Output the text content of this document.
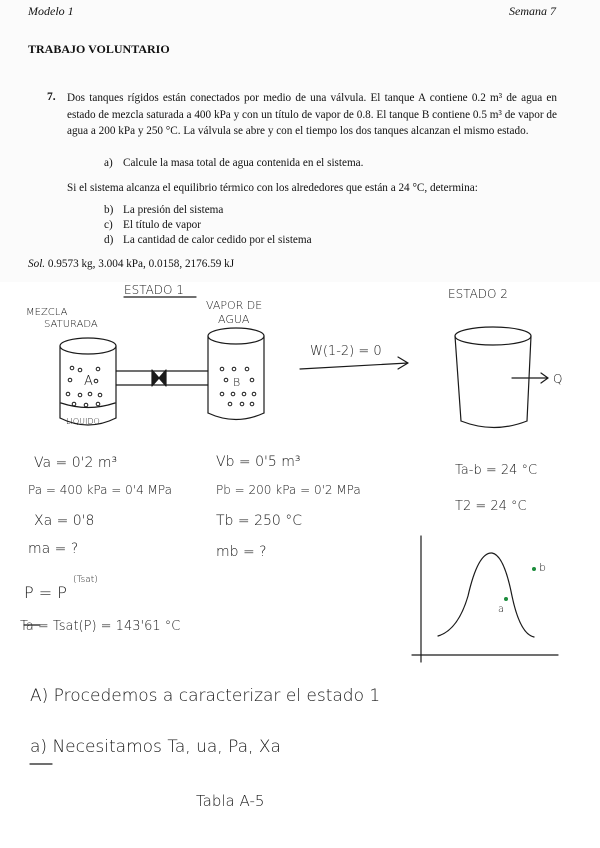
Modelo 1	Semana 7
TRABAJO VOLUNTARIO
7. Dos tanques rígidos están conectados por medio de una válvula. El tanque A contiene 0.2 m³ de agua en estado de mezcla saturada a 400 kPa y con un título de vapor de 0.8. El tanque B contiene 0.5 m³ de vapor de agua a 200 kPa y 250 °C. La válvula se abre y con el tiempo los dos tanques alcanzan el mismo estado.
a) Calcule la masa total de agua contenida en el sistema.
Si el sistema alcanza el equilibrio térmico con los alrededores que están a 24 °C, determina:
b) La presión del sistema
c) El título de vapor
d) La cantidad de calor cedido por el sistema
Sol. 0.9573 kg, 3.004 kPa, 0.0158, 2176.59 kJ
ESTADO 1	ESTADO 2
MEZCLA
SATURADA
VAPOR DE
AGUA
A	B
LIQUIDO
W(1-2) = 0
Q
Va = 0'2 m³
Pa = 400 kPa = 0'4 MPa
Xa = 0'8
ma = ?
Vb = 0'5 m³
Pb = 200 kPa = 0'2 MPa
Tb = 250 °C
mb = ?
Ta-b = 24 °C
T2 = 24 °C
P = P
(Tsat)
Ta = Tsat(P) = 143'61 °C
a
b
A) Procedemos a caracterizar el estado 1
a) Necesitamos Ta, ua, Pa, Xa
Tabla A-5
